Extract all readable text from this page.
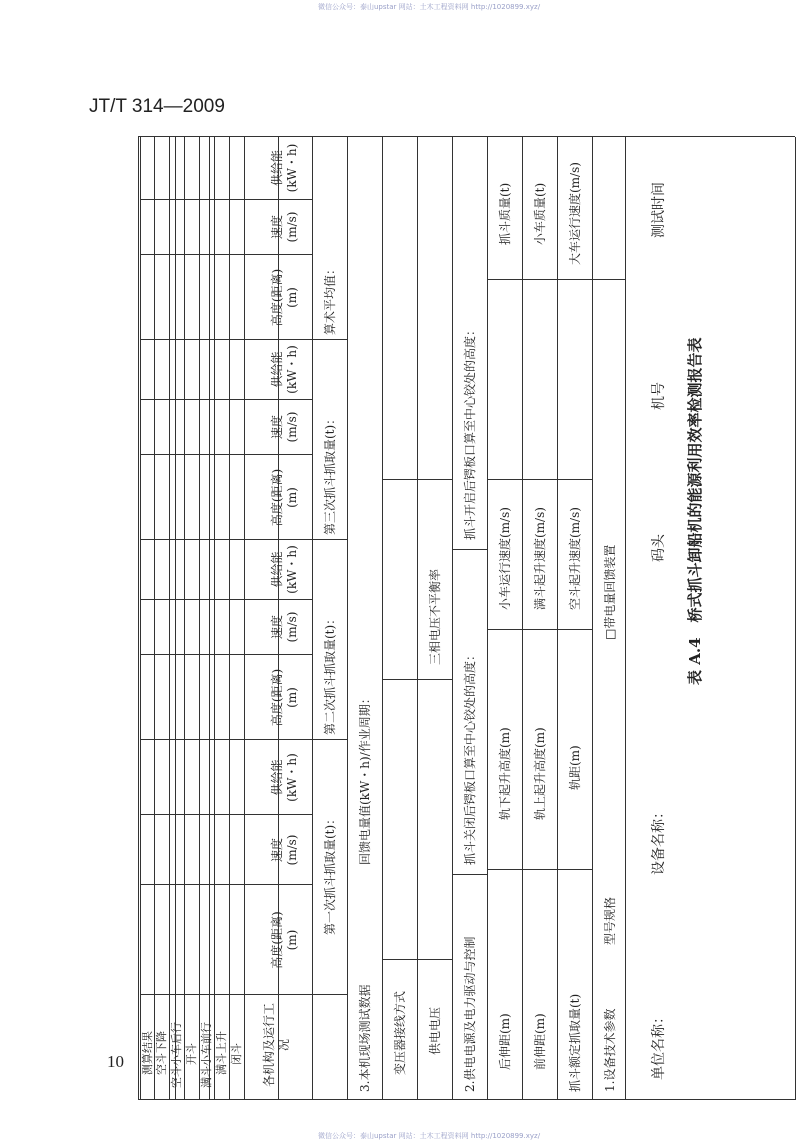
微信公众号：泰山upstar 网站：土木工程资料网 http://1020899.xyz/
微信公众号：泰山upstar 网站：土木工程资料网 http://1020899.xyz/
JT/T 314—2009
10
表 A.4　桥式抓斗卸船机的能源利用效率检测报告表
单位名称：
设备名称：
码头
机号
测试时间
1.设备技术参数
型号规格
□带电量回馈装置
抓斗额定抓取量(t)
轨距(m)
空斗起升速度(m/s)
大车运行速度(m/s)
前伸距(m)
轨上起升高度(m)
满斗起升速度(m/s)
小车质量(t)
后伸距(m)
轨下起升高度(m)
小车运行速度(m/s)
抓斗质量(t)
2.供电电源及电力驱动与控制
抓斗关闭后锷板口算至中心铰处的高度：
抓斗开启后锷板口算至中心铰处的高度：
供电电压
三相电压不平衡率
变压器接线方式
3.本机现场测试数据
回馈电量值(kW・h)/作业周期：
第一次抓斗抓取量(t)：
第二次抓斗抓取量(t)：
第三次抓斗抓取量(t)：
算术平均值：
各机构及运行工况
高度(距离)
(m)
速度
(m/s)
供给能
(kW・h)
高度(距离)
(m)
速度
(m/s)
供给能
(kW・h)
高度(距离)
(m)
速度
(m/s)
供给能
(kW・h)
高度(距离)
(m)
速度
(m/s)
供给能
(kW・h)
闭斗
满斗上升
满斗小车前行
开斗
空斗小车后行
空斗下降
测算结果
